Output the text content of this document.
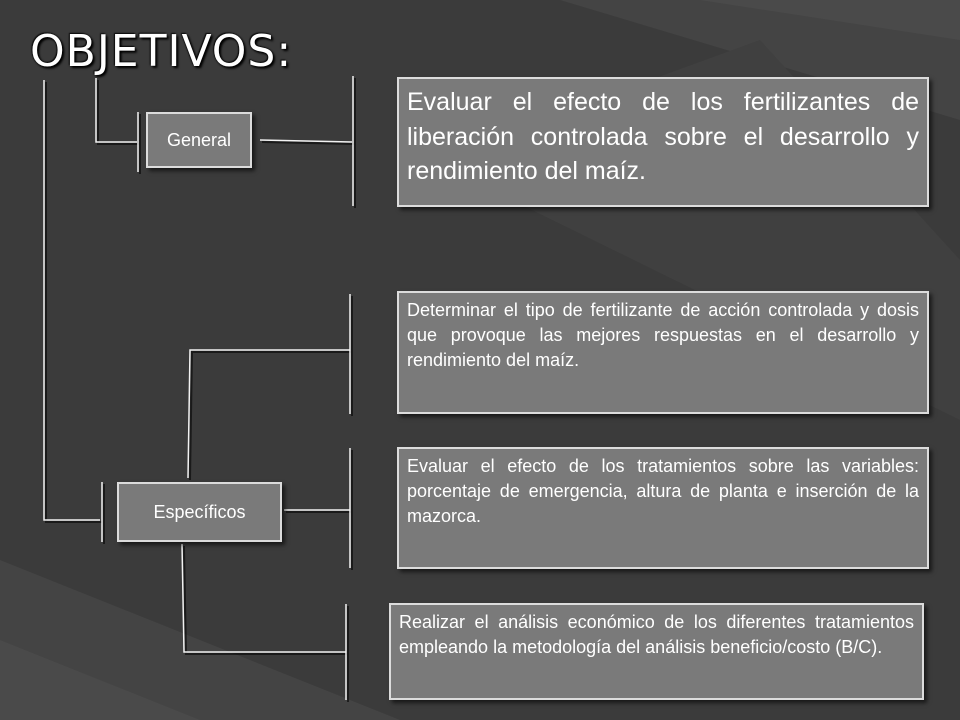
OBJETIVOS:
General
Evaluar el efecto de los fertilizantes de liberación controlada sobre el desarrollo y rendimiento del maíz.
Específicos
Determinar el tipo de fertilizante de acción controlada y dosis que provoque las mejores respuestas en el desarrollo y rendimiento del maíz.
Evaluar el efecto de los tratamientos sobre las variables: porcentaje de emergencia, altura de planta e inserción de la mazorca.
Realizar el análisis económico de los diferentes tratamientos empleando la metodología del análisis beneficio/costo (B/C).
